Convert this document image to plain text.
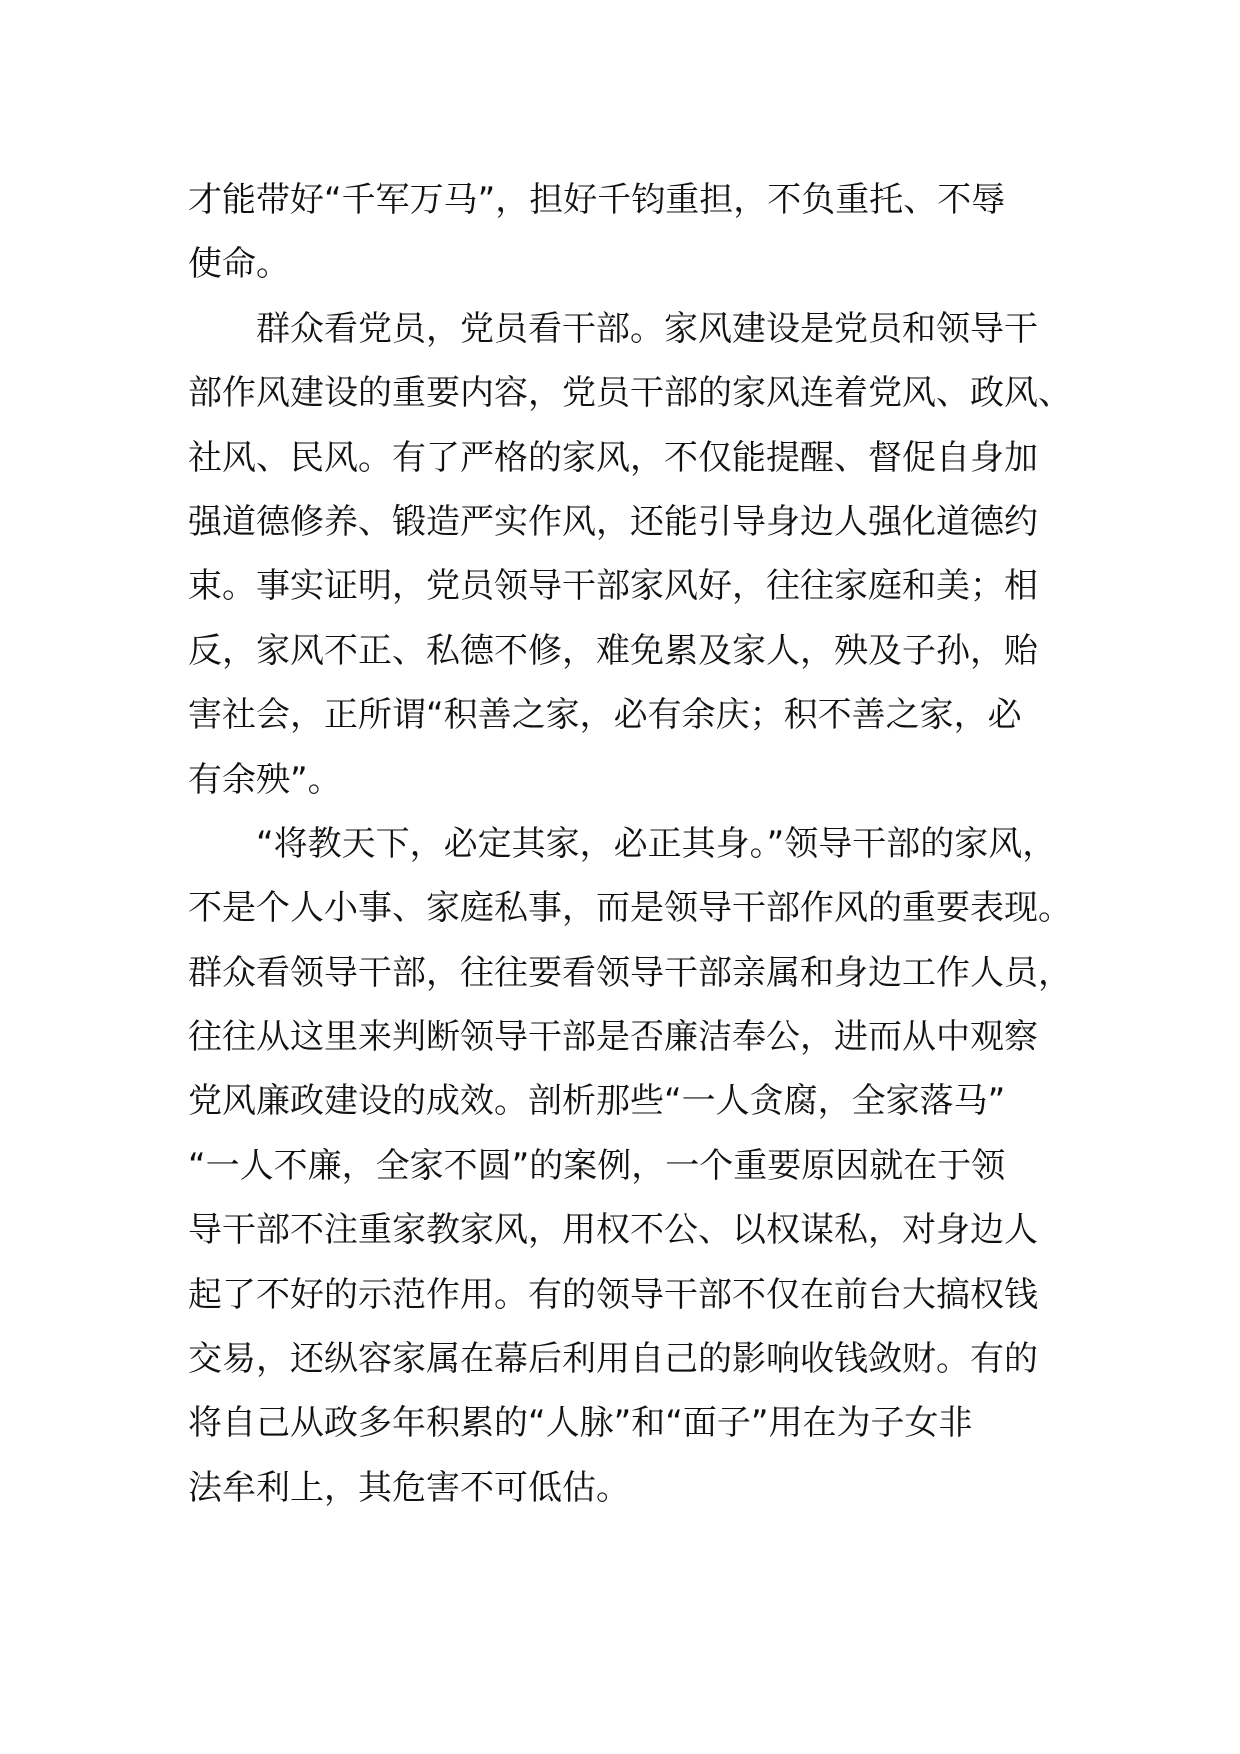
才能带好“千军万马”，担好千钧重担，不负重托、不辱
使命。
　　群众看党员，党员看干部。家风建设是党员和领导干
部作风建设的重要内容，党员干部的家风连着党风、政风、
社风、民风。有了严格的家风，不仅能提醒、督促自身加
强道德修养、锻造严实作风，还能引导身边人强化道德约
束。事实证明，党员领导干部家风好，往往家庭和美；相
反，家风不正、私德不修，难免累及家人，殃及子孙，贻
害社会，正所谓“积善之家，必有余庆；积不善之家，必
有余殃”。
　　“将教天下，必定其家，必正其身。”领导干部的家风，
不是个人小事、家庭私事，而是领导干部作风的重要表现。
群众看领导干部，往往要看领导干部亲属和身边工作人员，
往往从这里来判断领导干部是否廉洁奉公，进而从中观察
党风廉政建设的成效。剖析那些“一人贪腐，全家落马”
“一人不廉，全家不圆”的案例，一个重要原因就在于领
导干部不注重家教家风，用权不公、以权谋私，对身边人
起了不好的示范作用。有的领导干部不仅在前台大搞权钱
交易，还纵容家属在幕后利用自己的影响收钱敛财。有的
将自己从政多年积累的“人脉”和“面子”用在为子女非
法牟利上，其危害不可低估。
